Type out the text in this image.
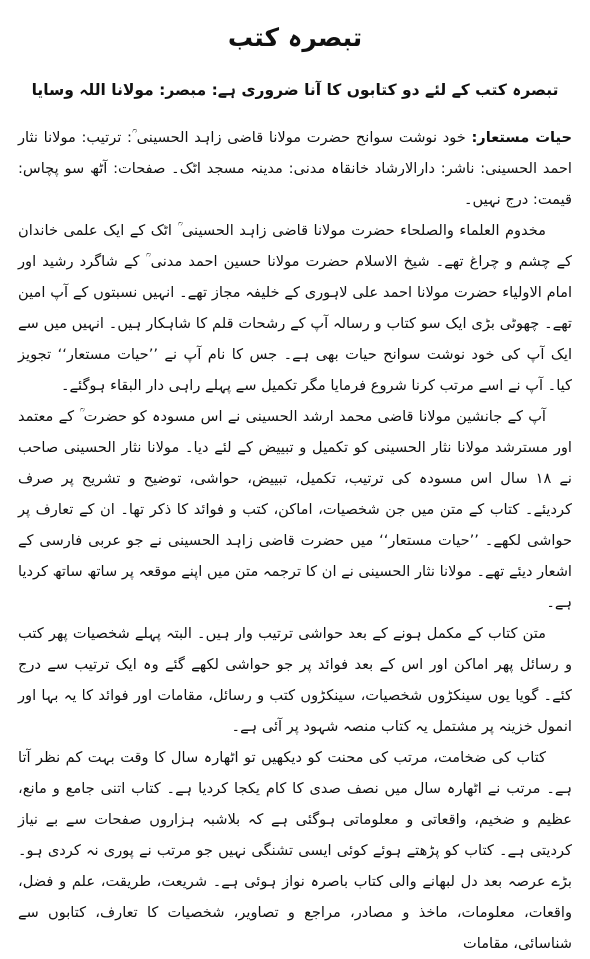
تبصرہ کتب

تبصرہ کتب کے لئے دو کتابوں کا آنا ضروری ہے: مبصر: مولانا اللہ وسایا

حیات مستعار: خود نوشت سوانح حضرت مولانا قاضی زاہد الحسینی ؒ: ترتیب: مولانا نثار احمد الحسینی: ناشر: دارالارشاد خانقاہ مدنی: مدینہ مسجد اٹک۔ صفحات: آٹھ سو پچاس: قیمت: درج نہیں۔

مخدوم العلماء والصلحاء حضرت مولانا قاضی زاہد الحسینی ؒ اٹک کے ایک علمی خاندان کے چشم و چراغ تھے۔ شیخ الاسلام حضرت مولانا حسین احمد مدنی ؒ کے شاگرد رشید اور امام الاولیاء حضرت مولانا احمد علی لاہوری کے خلیفہ مجاز تھے۔ انہیں نسبتوں کے آپ امین تھے۔ چھوٹی بڑی ایک سو کتاب و رسالہ آپ کے رشحات قلم کا شاہکار ہیں۔ انہیں میں سے ایک آپ کی خود نوشت سوانح حیات بھی ہے۔ جس کا نام آپ نے ’’حیات مستعار‘‘ تجویز کیا۔ آپ نے اسے مرتب کرنا شروع فرمایا مگر تکمیل سے پہلے راہی دار البقاء ہوگئے۔

آپ کے جانشین مولانا قاضی محمد ارشد الحسینی نے اس مسودہ کو حضرت ؒ کے معتمد اور مسترشد مولانا نثار الحسینی کو تکمیل و تبییض کے لئے دیا۔ مولانا نثار الحسینی صاحب نے ۱۸ سال اس مسودہ کی ترتیب، تکمیل، تبییض، حواشی، توضیح و تشریح پر صرف کردیئے۔ کتاب کے متن میں جن شخصیات، اماکن، کتب و فوائد کا ذکر تھا۔ ان کے تعارف پر حواشی لکھے۔ ’’حیات مستعار‘‘ میں حضرت قاضی زاہد الحسینی نے جو عربی فارسی کے اشعار دیئے تھے۔ مولانا نثار الحسینی نے ان کا ترجمہ متن میں اپنے موقعہ پر ساتھ ساتھ کردیا ہے۔

متن کتاب کے مکمل ہونے کے بعد حواشی ترتیب وار ہیں۔ البتہ پہلے شخصیات پھر کتب و رسائل پھر اماکن اور اس کے بعد فوائد پر جو حواشی لکھے گئے وہ ایک ترتیب سے درج کئے۔ گویا یوں سینکڑوں شخصیات، سینکڑوں کتب و رسائل، مقامات اور فوائد کا یہ بہا اور انمول خزینہ پر مشتمل یہ کتاب منصہ شہود پر آئی ہے۔

کتاب کی ضخامت، مرتب کی محنت کو دیکھیں تو اٹھارہ سال کا وقت بہت کم نظر آتا ہے۔ مرتب نے اٹھارہ سال میں نصف صدی کا کام یکجا کردیا ہے۔ کتاب اتنی جامع و مانع، عظیم و ضخیم، واقعاتی و معلوماتی ہوگئی ہے کہ بلاشبہ ہزاروں صفحات سے بے نیاز کردیتی ہے۔ کتاب کو پڑھتے ہوئے کوئی ایسی تشنگی نہیں جو مرتب نے پوری نہ کردی ہو۔ بڑے عرصہ بعد دل لبھانے والی کتاب باصرہ نواز ہوئی ہے۔ شریعت، طریقت، علم و فضل، واقعات، معلومات، ماخذ و مصادر، مراجع و تصاویر، شخصیات کا تعارف، کتابوں سے شناسائی، مقامات
